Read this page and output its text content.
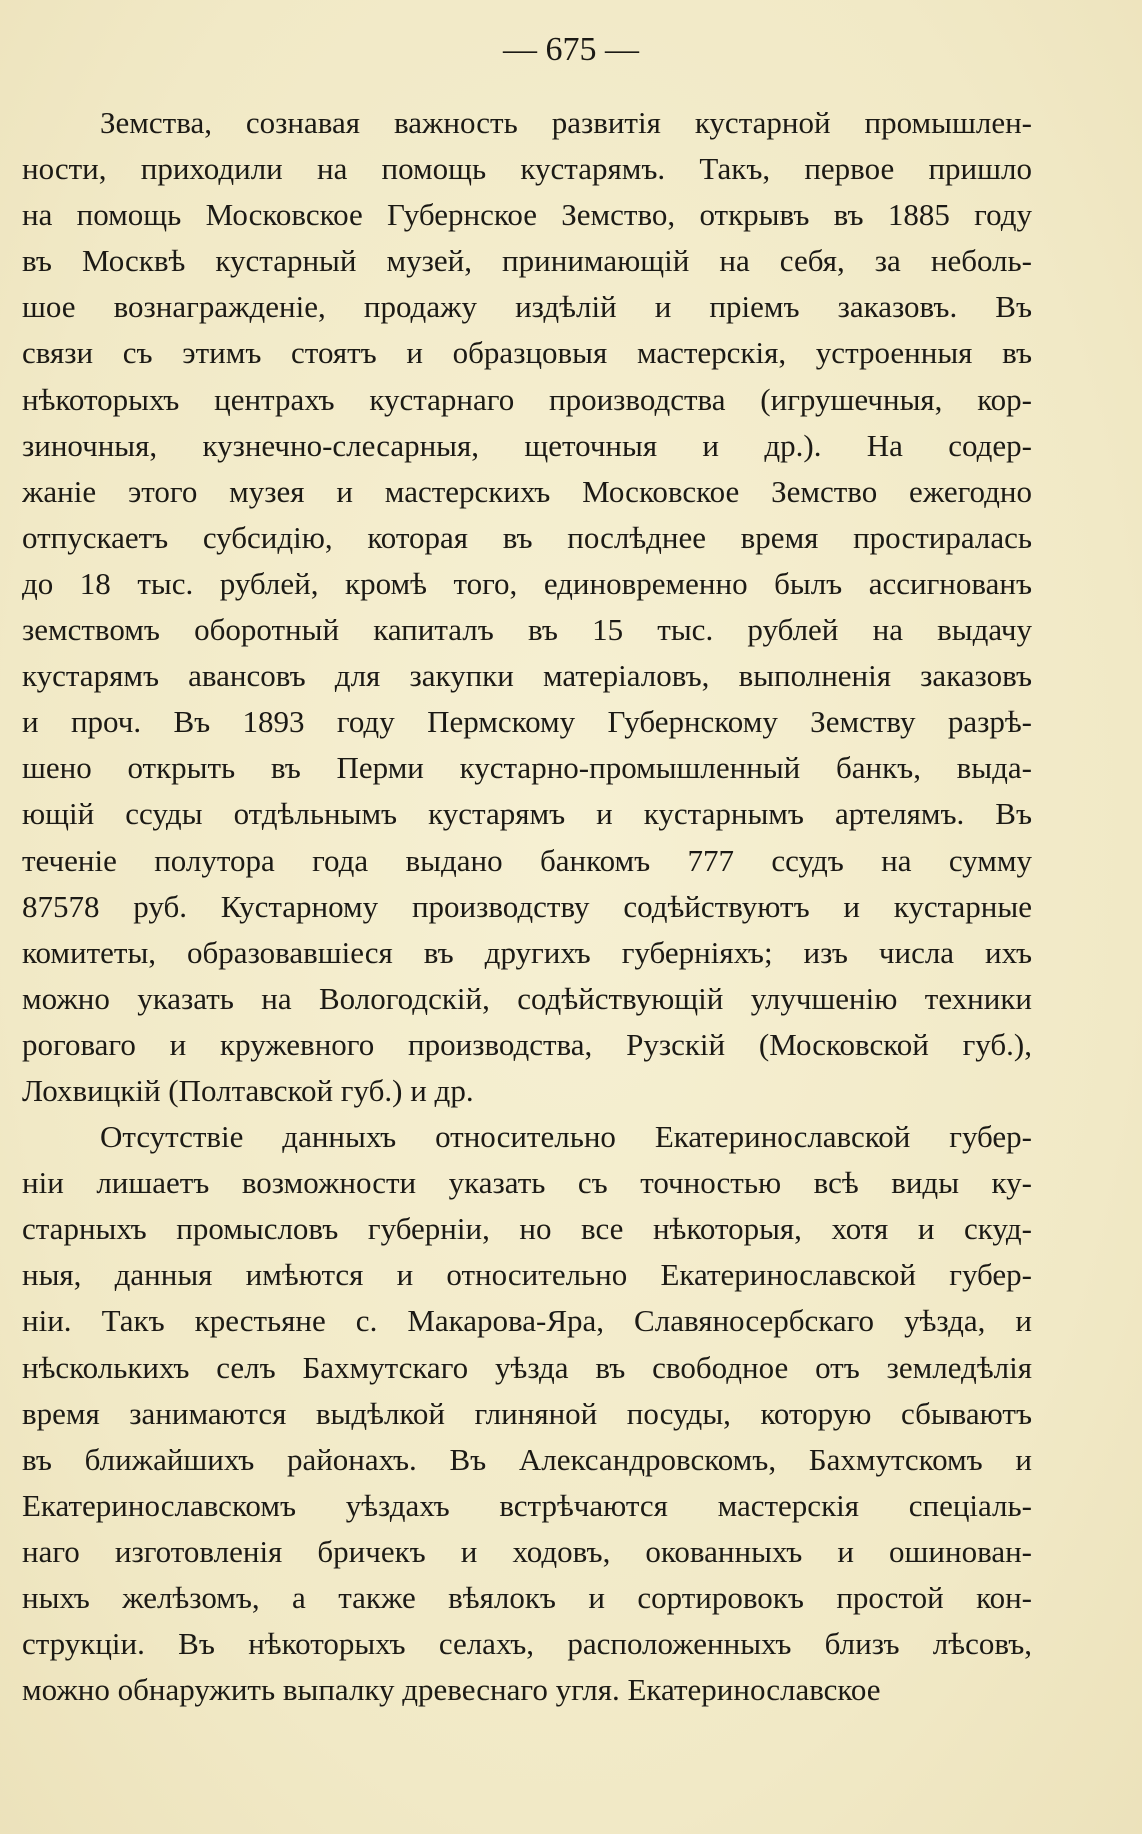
— 675 —
Земства, сознавая важность развитія кустарной промышлен-
ности, приходили на помощь кустарямъ. Такъ, первое пришло
на помощь Московское Губернское Земство, открывъ въ 1885 году
въ Москвѣ кустарный музей, принимающій на себя, за неболь-
шое вознагражденіе, продажу издѣлій и пріемъ заказовъ. Въ
связи съ этимъ стоятъ и образцовыя мастерскія, устроенныя въ
нѣкоторыхъ центрахъ кустарнаго производства (игрушечныя, кор-
зиночныя, кузнечно-слесарныя, щеточныя и др.). На содер-
жаніе этого музея и мастерскихъ Московское Земство ежегодно
отпускаетъ субсидію, которая въ послѣднее время простиралась
до 18 тыс. рублей, кромѣ того, единовременно былъ ассигнованъ
земствомъ оборотный капиталъ въ 15 тыс. рублей на выдачу
кустарямъ авансовъ для закупки матеріаловъ, выполненія заказовъ
и проч. Въ 1893 году Пермскому Губернскому Земству разрѣ-
шено открыть въ Перми кустарно-промышленный банкъ, выда-
ющій ссуды отдѣльнымъ кустарямъ и кустарнымъ артелямъ. Въ
теченіе полутора года выдано банкомъ 777 ссудъ на сумму
87578 руб. Кустарному производству содѣйствуютъ и кустарные
комитеты, образовавшіеся въ другихъ губерніяхъ; изъ числа ихъ
можно указать на Вологодскій, содѣйствующій улучшенію техники
роговаго и кружевного производства, Рузскій (Московской губ.),
Лохвицкій (Полтавской губ.) и др.
Отсутствіе данныхъ относительно Екатеринославской губер-
ніи лишаетъ возможности указать съ точностью всѣ виды ку-
старныхъ промысловъ губерніи, но все нѣкоторыя, хотя и скуд-
ныя, данныя имѣются и относительно Екатеринославской губер-
ніи. Такъ крестьяне с. Макарова-Яра, Славяносербскаго уѣзда, и
нѣсколькихъ селъ Бахмутскаго уѣзда въ свободное отъ земледѣлія
время занимаются выдѣлкой глиняной посуды, которую сбываютъ
въ ближайшихъ районахъ. Въ Александровскомъ, Бахмутскомъ и
Екатеринославскомъ уѣздахъ встрѣчаются мастерскія спеціаль-
наго изготовленія бричекъ и ходовъ, окованныхъ и ошинован-
ныхъ желѣзомъ, а также вѣялокъ и сортировокъ простой кон-
струкціи. Въ нѣкоторыхъ селахъ, расположенныхъ близъ лѣсовъ,
можно обнаружить выпалку древеснаго угля. Екатеринославское
